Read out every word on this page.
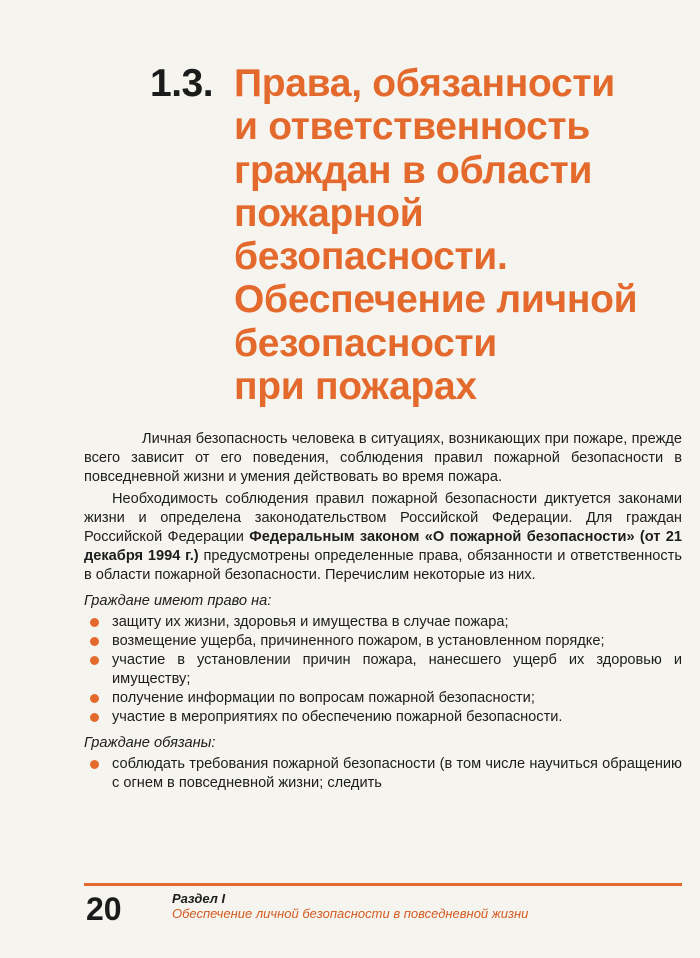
1.3. Права, обязанности
и ответственность
граждан в области
пожарной
безопасности.
Обеспечение личной
безопасности
при пожарах

Личная безопасность человека в ситуациях, возникающих при пожаре, прежде всего зависит от его поведения, соблюдения правил пожарной безопасности в повседневной жизни и умения действовать во время пожара.

Необходимость соблюдения правил пожарной безопасности диктуется законами жизни и определена законодательством Российской Федерации. Для граждан Российской Федерации Федеральным законом «О пожарной безопасности» (от 21 декабря 1994 г.) предусмотрены определенные права, обязанности и ответственность в области пожарной безопасности. Перечислим некоторые из них.

Граждане имеют право на:
защиту их жизни, здоровья и имущества в случае пожара;
возмещение ущерба, причиненного пожаром, в установленном порядке;
участие в установлении причин пожара, нанесшего ущерб их здоровью и имуществу;
получение информации по вопросам пожарной безопасности;
участие в мероприятиях по обеспечению пожарной безопасности.
Граждане обязаны:
соблюдать требования пожарной безопасности (в том числе научиться обращению с огнем в повседневной жизни; следить
20	Раздел I
Обеспечение личной безопасности в повседневной жизни
